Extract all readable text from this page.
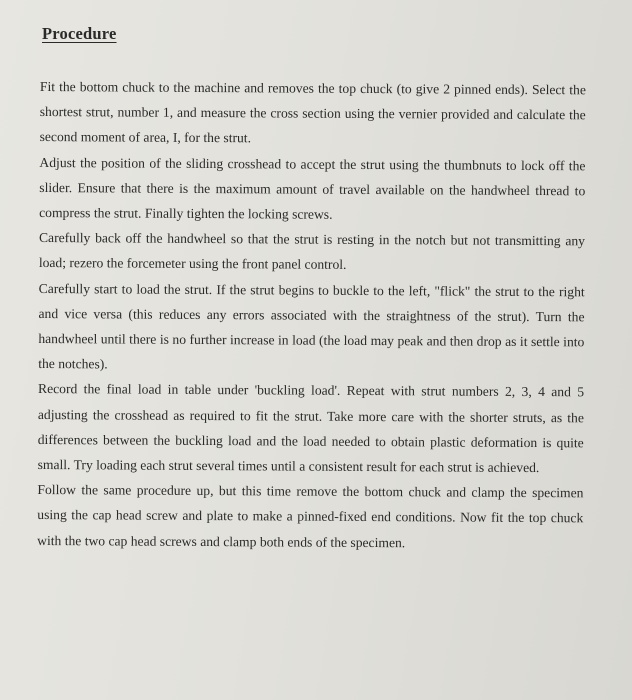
Procedure

Fit the bottom chuck to the machine and removes the top chuck (to give 2 pinned ends). Select the shortest strut, number 1, and measure the cross section using the vernier provided and calculate the second moment of area, I, for the strut.

Adjust the position of the sliding crosshead to accept the strut using the thumbnuts to lock off the slider. Ensure that there is the maximum amount of travel available on the handwheel thread to compress the strut. Finally tighten the locking screws.

Carefully back off the handwheel so that the strut is resting in the notch but not transmitting any load; rezero the forcemeter using the front panel control.

Carefully start to load the strut. If the strut begins to buckle to the left, "flick" the strut to the right and vice versa (this reduces any errors associated with the straightness of the strut). Turn the handwheel until there is no further increase in load (the load may peak and then drop as it settle into the notches).

Record the final load in table under 'buckling load'. Repeat with strut numbers 2, 3, 4 and 5 adjusting the crosshead as required to fit the strut. Take more care with the shorter struts, as the differences between the buckling load and the load needed to obtain plastic deformation is quite small. Try loading each strut several times until a consistent result for each strut is achieved.

Follow the same procedure up, but this time remove the bottom chuck and clamp the specimen using the cap head screw and plate to make a pinned-fixed end conditions. Now fit the top chuck with the two cap head screws and clamp both ends of the specimen.
